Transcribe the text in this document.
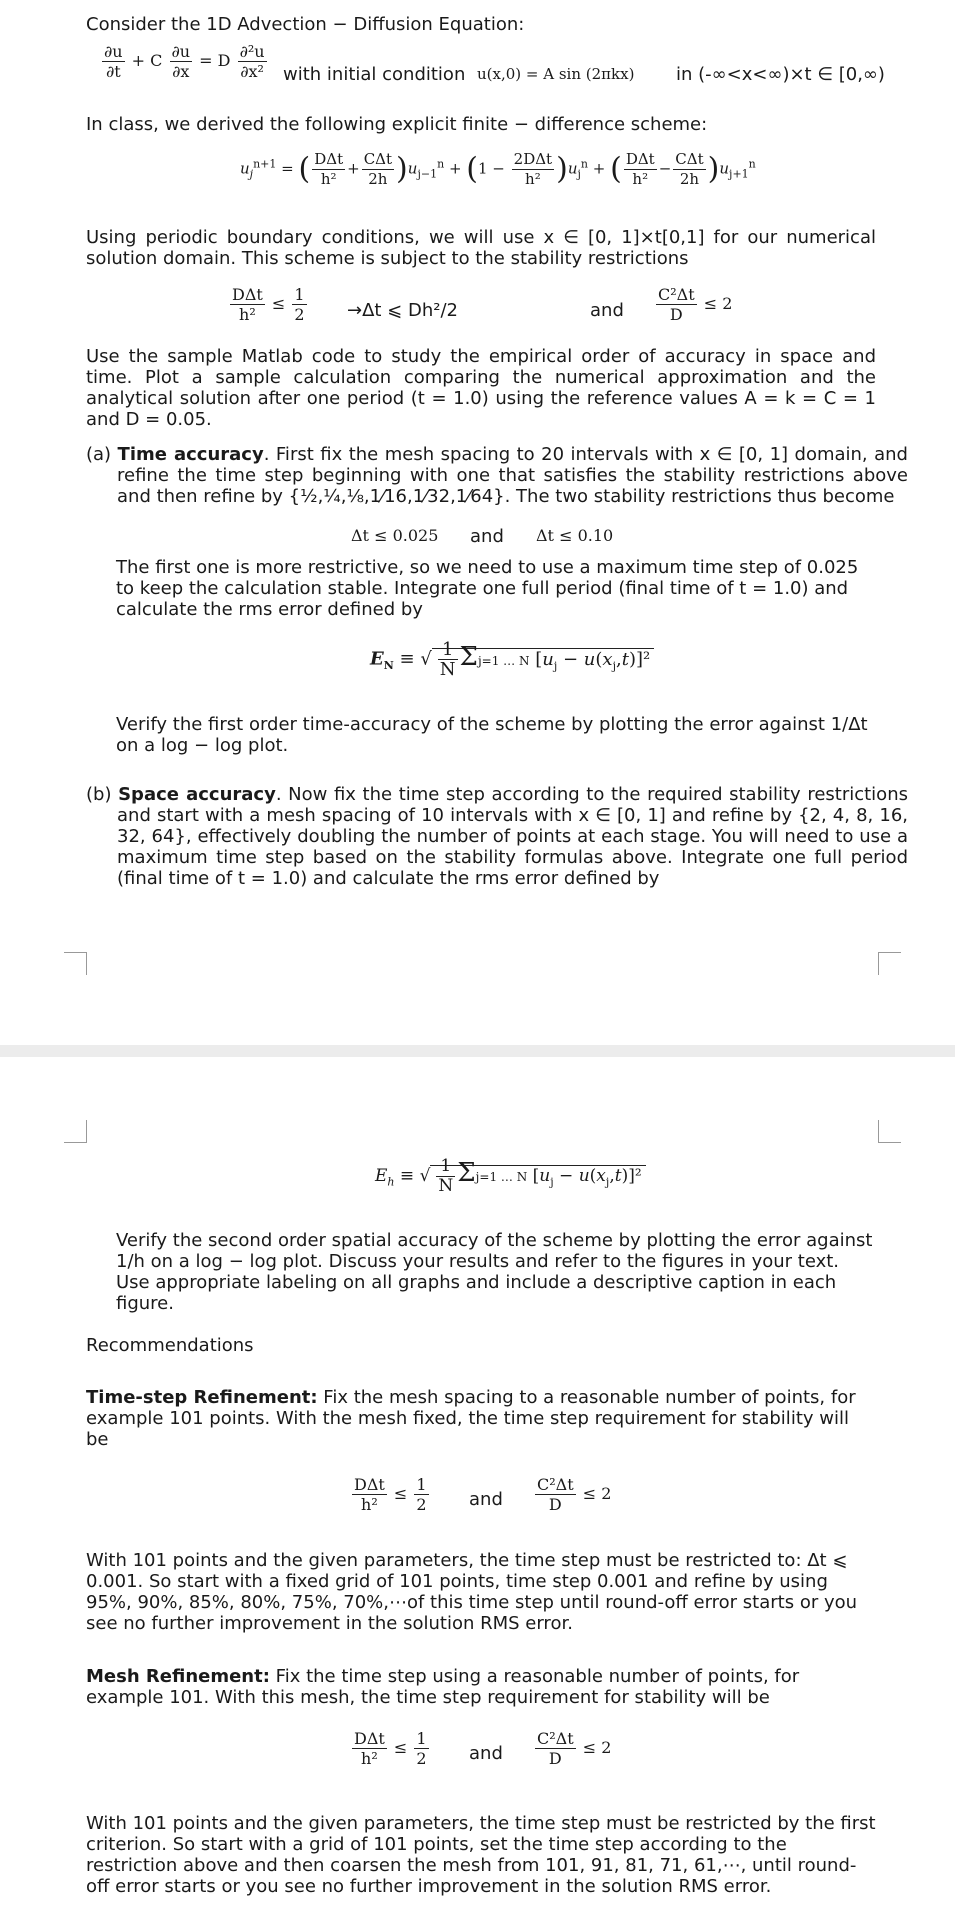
Consider the 1D Advection − Diffusion Equation:
$\frac{\partial u}{\partial t} + C \frac{\partial u}{\partial x} = D \frac{\text{∂²u}}{\text{∂x²}}$ with initial condition u(x,0) = A sin (2πkx) in (-∞<x<∞)×t ∈ [0,∞)
In class, we derived the following explicit finite − difference scheme:
$u_j^{n+1}$ = ( $\frac{\text{DΔt}}{\text{h²}} + \frac{\text{CΔt}}{2h} )u_{j-1}^n + (1 - \frac{\text{2DΔt}}{\text{h²}} )u_j^n$ + ( $\frac{\text{DΔt}}{\text{h²}} - \frac{\text{CΔt}}{2h} )u_{j+1}^n$
Using periodic boundary conditions, we will use x ∈ [0, 1]×t[0,1] for our numerical solution domain. This scheme is subject to the stability restrictions
$\frac{\text{DΔt}}{\text{h²}} \le \frac{1}{2} \to\Delta t$ ⩽ Dh²/2	and $\frac{\text{C²Δt}}{D} \le 2$
Use the sample Matlab code to study the empirical order of accuracy in space and time. Plot a sample calculation comparing the numerical approximation and the analytical solution after one period (t = 1.0) using the reference values A = k = C = 1 and D = 0.05.
(a) Time accuracy. First fix the mesh spacing to 20 intervals with x ∈ [0, 1] domain, and refine the time step beginning with one that satisfies the stability restrictions above and then refine by {½,¼,⅛,1⁄16,1⁄32,1⁄64}. The two stability restrictions thus become
Δt ≤ 0.025 and Δt ≤ 0.10
The first one is more restrictive, so we need to use a maximum time step of 0.025 to keep the calculation stable. Integrate one full period (final time of t = 1.0) and calculate the rms error defined by
$E_N$ ≡ √ $\frac{1}{N} \Sigma j=1$ … N $[u_j - u(x_j,t)]^2$
Verify the first order time-accuracy of the scheme by plotting the error against 1/Δt on a log − log plot.
(b) Space accuracy. Now fix the time step according to the required stability restrictions and start with a mesh spacing of 10 intervals with x ∈ [0, 1] and refine by {2, 4, 8, 16, 32, 64}, effectively doubling the number of points at each stage. You will need to use a maximum time step based on the stability formulas above. Integrate one full period (final time of t = 1.0) and calculate the rms error defined by
$E_h$ ≡ √ $\frac{1}{N} \Sigma j=1$ … N $[u_j - u(x_j,t)]^2$
Verify the second order spatial accuracy of the scheme by plotting the error against 1/h on a log − log plot. Discuss your results and refer to the figures in your text. Use appropriate labeling on all graphs and include a descriptive caption in each figure.
Recommendations
Time-step Refinement: Fix the mesh spacing to a reasonable number of points, for example 101 points. With the mesh fixed, the time step requirement for stability will be
$\frac{\text{DΔt}}{\text{h²}} \le \frac{1}{2}$ and $\frac{\text{C²Δt}}{D} \le 2$
With 101 points and the given parameters, the time step must be restricted to: Δt ⩽ 0.001. So start with a fixed grid of 101 points, time step 0.001 and refine by using 95%, 90%, 85%, 80%, 75%, 70%,⋯of this time step until round-off error starts or you see no further improvement in the solution RMS error.
Mesh Refinement: Fix the time step using a reasonable number of points, for example 101. With this mesh, the time step requirement for stability will be
$\frac{\text{DΔt}}{\text{h²}} \le \frac{1}{2}$ and $\frac{\text{C²Δt}}{D} \le 2$
With 101 points and the given parameters, the time step must be restricted by the first criterion. So start with a grid of 101 points, set the time step according to the restriction above and then coarsen the mesh from 101, 91, 81, 71, 61,⋯, until round-off error starts or you see no further improvement in the solution RMS error.
